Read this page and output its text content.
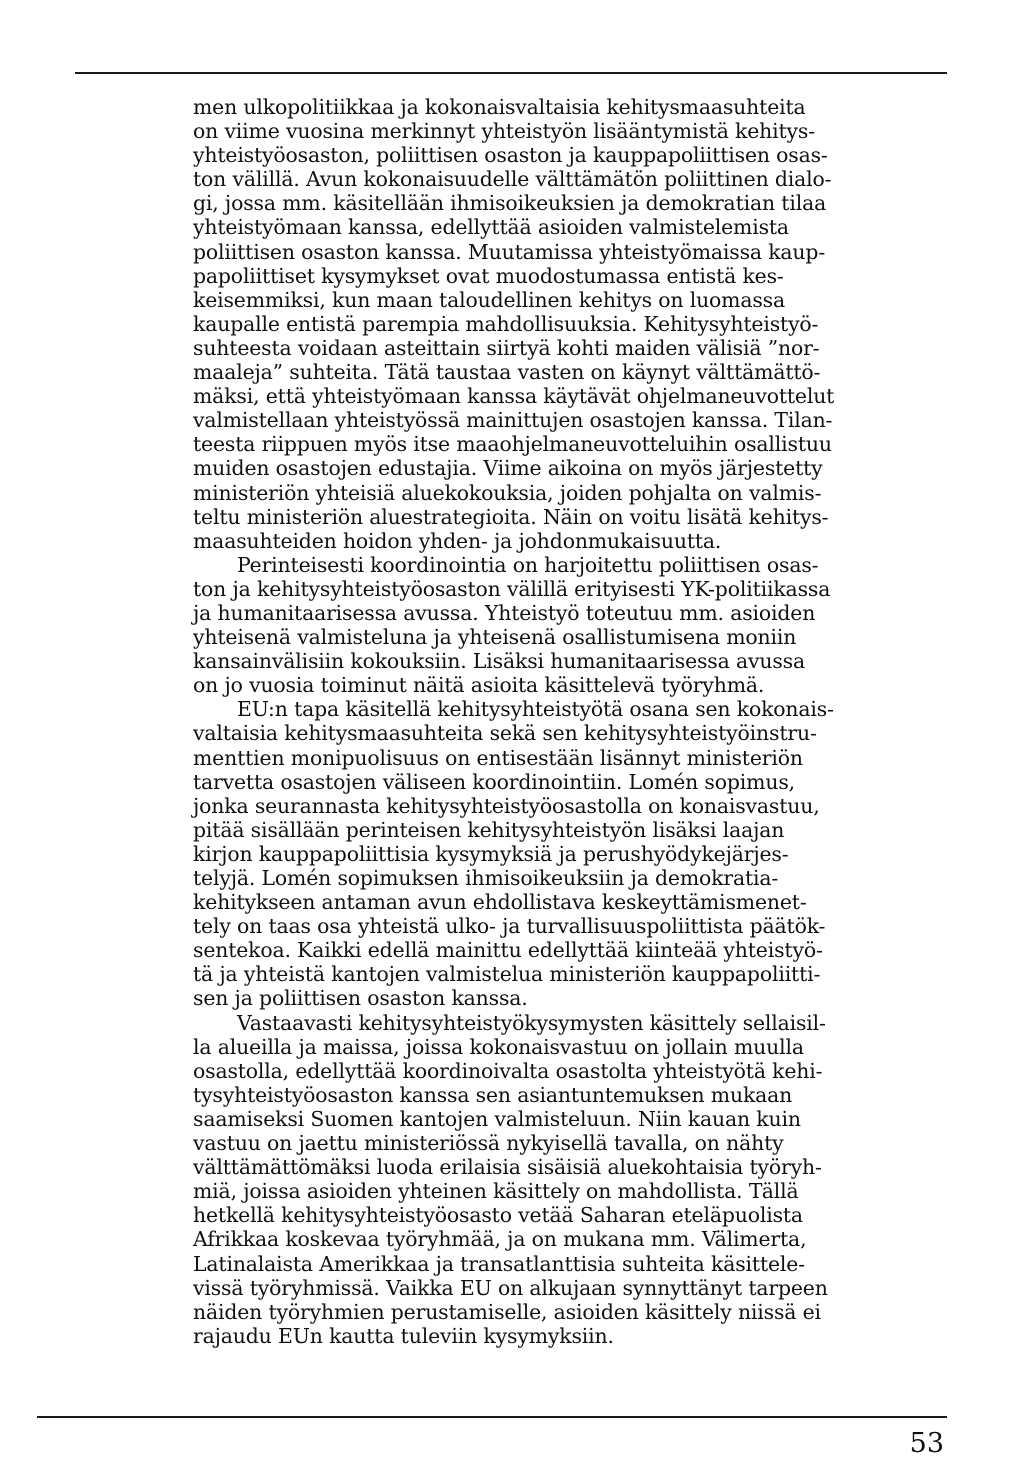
men ulkopolitiikkaa ja kokonaisvaltaisia kehitysmaasuhteita
on viime vuosina merkinnyt yhteistyön lisääntymistä kehitys-
yhteistyöosaston, poliittisen osaston ja kauppapoliittisen osas-
ton välillä. Avun kokonaisuudelle välttämätön poliittinen dialo-
gi, jossa mm. käsitellään ihmisoikeuksien ja demokratian tilaa
yhteistyömaan kanssa, edellyttää asioiden valmistelemista
poliittisen osaston kanssa. Muutamissa yhteistyömaissa kaup-
papoliittiset kysymykset ovat muodostumassa entistä kes-
keisemmiksi, kun maan taloudellinen kehitys on luomassa
kaupalle entistä parempia mahdollisuuksia. Kehitysyhteistyö-
suhteesta voidaan asteittain siirtyä kohti maiden välisiä ”nor-
maaleja” suhteita. Tätä taustaa vasten on käynyt välttämättö-
mäksi, että yhteistyömaan kanssa käytävät ohjelmaneuvottelut
valmistellaan yhteistyössä mainittujen osastojen kanssa. Tilan-
teesta riippuen myös itse maaohjelmaneuvotteluihin osallistuu
muiden osastojen edustajia. Viime aikoina on myös järjestetty
ministeriön yhteisiä aluekokouksia, joiden pohjalta on valmis-
teltu ministeriön aluestrategioita. Näin on voitu lisätä kehitys-
maasuhteiden hoidon yhden- ja johdonmukaisuutta.
Perinteisesti koordinointia on harjoitettu poliittisen osas-
ton ja kehitysyhteistyöosaston välillä erityisesti YK-politiikassa
ja humanitaarisessa avussa. Yhteistyö toteutuu mm. asioiden
yhteisenä valmisteluna ja yhteisenä osallistumisena moniin
kansainvälisiin kokouksiin. Lisäksi humanitaarisessa avussa
on jo vuosia toiminut näitä asioita käsittelevä työryhmä.
EU:n tapa käsitellä kehitysyhteistyötä osana sen kokonais-
valtaisia kehitysmaasuhteita sekä sen kehitysyhteistyöinstru-
menttien monipuolisuus on entisestään lisännyt ministeriön
tarvetta osastojen väliseen koordinointiin. Lomén sopimus,
jonka seurannasta kehitysyhteistyöosastolla on konaisvastuu,
pitää sisällään perinteisen kehitysyhteistyön lisäksi laajan
kirjon kauppapoliittisia kysymyksiä ja perushyödykejärjes-
telyjä. Lomén sopimuksen ihmisoikeuksiin ja demokratia-
kehitykseen antaman avun ehdollistava keskeyttämismenet-
tely on taas osa yhteistä ulko- ja turvallisuuspoliittista päätök-
sentekoa. Kaikki edellä mainittu edellyttää kiinteää yhteistyö-
tä ja yhteistä kantojen valmistelua ministeriön kauppapoliitti-
sen ja poliittisen osaston kanssa.
Vastaavasti kehitysyhteistyökysymysten käsittely sellaisil-
la alueilla ja maissa, joissa kokonaisvastuu on jollain muulla
osastolla, edellyttää koordinoivalta osastolta yhteistyötä kehi-
tysyhteistyöosaston kanssa sen asiantuntemuksen mukaan
saamiseksi Suomen kantojen valmisteluun. Niin kauan kuin
vastuu on jaettu ministeriössä nykyisellä tavalla, on nähty
välttämättömäksi luoda erilaisia sisäisiä aluekohtaisia työryh-
miä, joissa asioiden yhteinen käsittely on mahdollista. Tällä
hetkellä kehitysyhteistyöosasto vetää Saharan eteläpuolista
Afrikkaa koskevaa työryhmää, ja on mukana mm. Välimerta,
Latinalaista Amerikkaa ja transatlanttisia suhteita käsittele-
vissä työryhmissä. Vaikka EU on alkujaan synnyttänyt tarpeen
näiden työryhmien perustamiselle, asioiden käsittely niissä ei
rajaudu EUn kautta tuleviin kysymyksiin.
53
